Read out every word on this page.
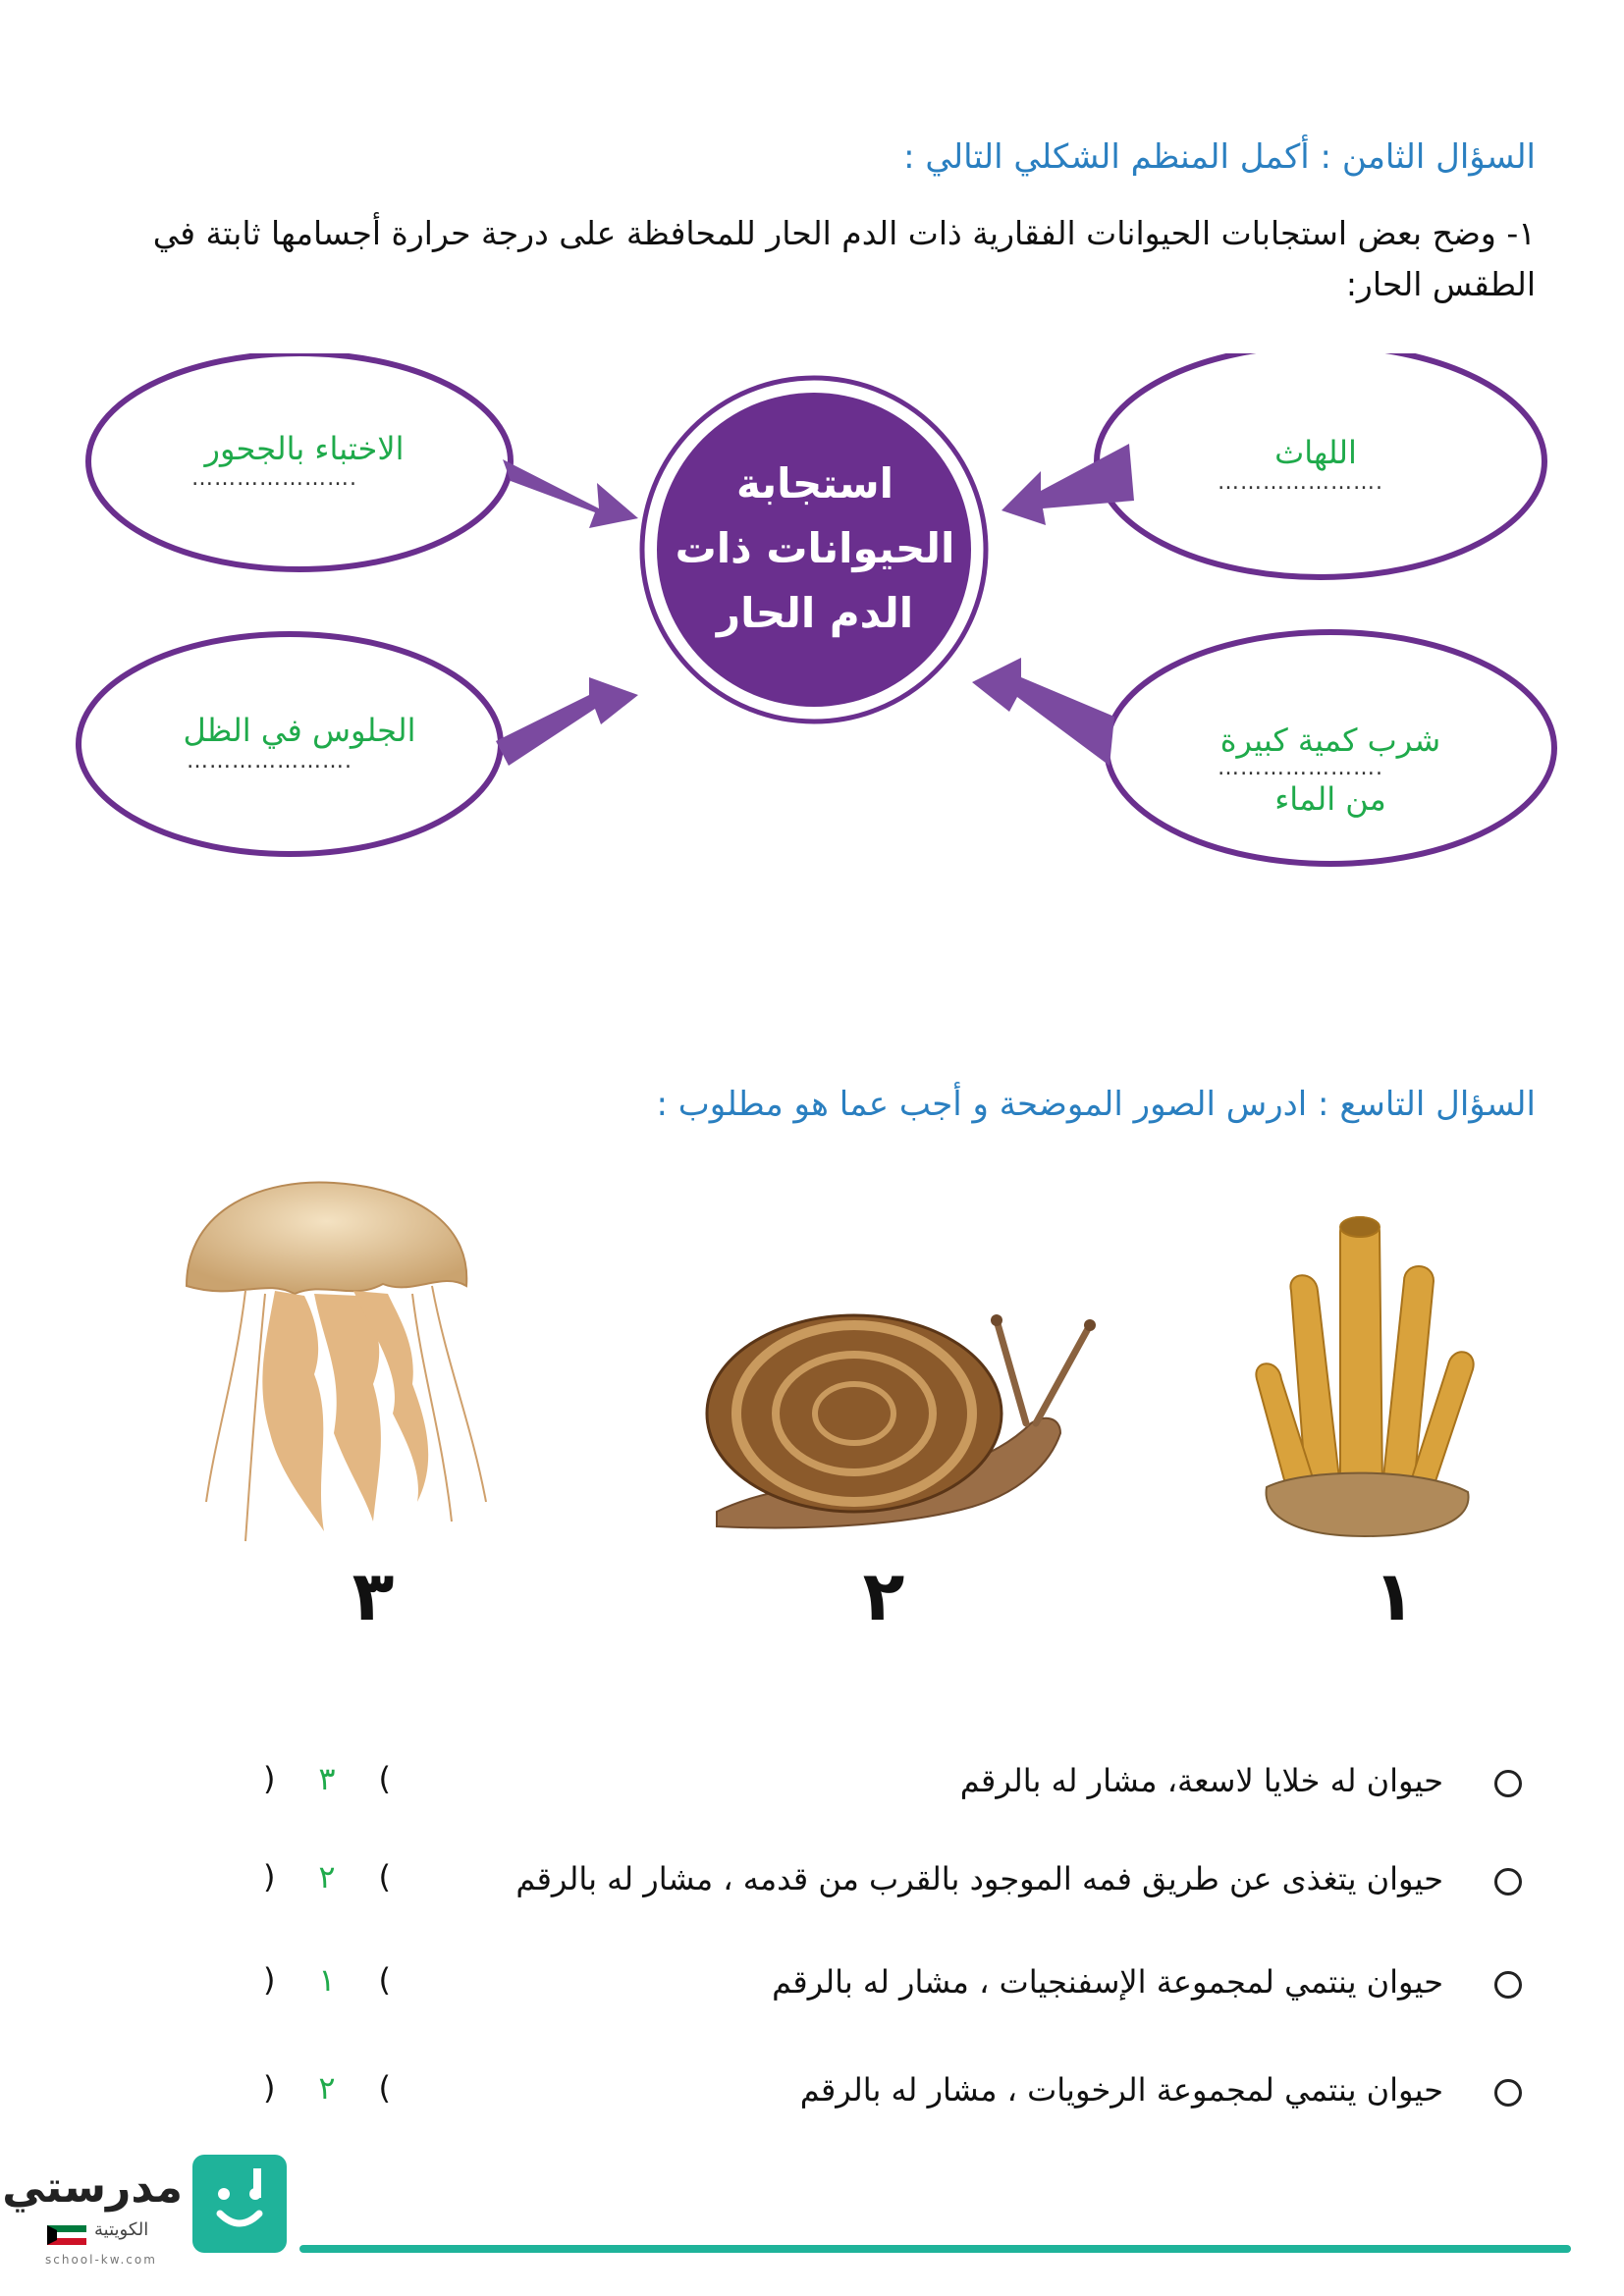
السؤال الثامن : أكمل المنظم الشكلي التالي :
١- وضح بعض استجابات الحيوانات الفقارية ذات الدم الحار للمحافظة على درجة حرارة أجسامها ثابتة في الطقس الحار:
استجابة الحيوانات ذات الدم الحار
الاختباء بالجحور
………………….
الجلوس في الظل
………………….
اللهاث
………………….
شرب كمية كبيرة
………………….
من الماء
السؤال التاسع : ادرس الصور الموضحة و أجب عما هو مطلوب :
٣	٢	١
حيوان له خلايا لاسعة، مشار له بالرقم
)	٣	(
حيوان يتغذى عن طريق فمه الموجود بالقرب من قدمه ، مشار له بالرقم
)	٢	(
حيوان ينتمي لمجموعة الإسفنجيات ، مشار له بالرقم
)	١	(
حيوان ينتمي لمجموعة الرخويات ، مشار له بالرقم
)	٢	(
مدرستي
الكويتية
school-kw.com
